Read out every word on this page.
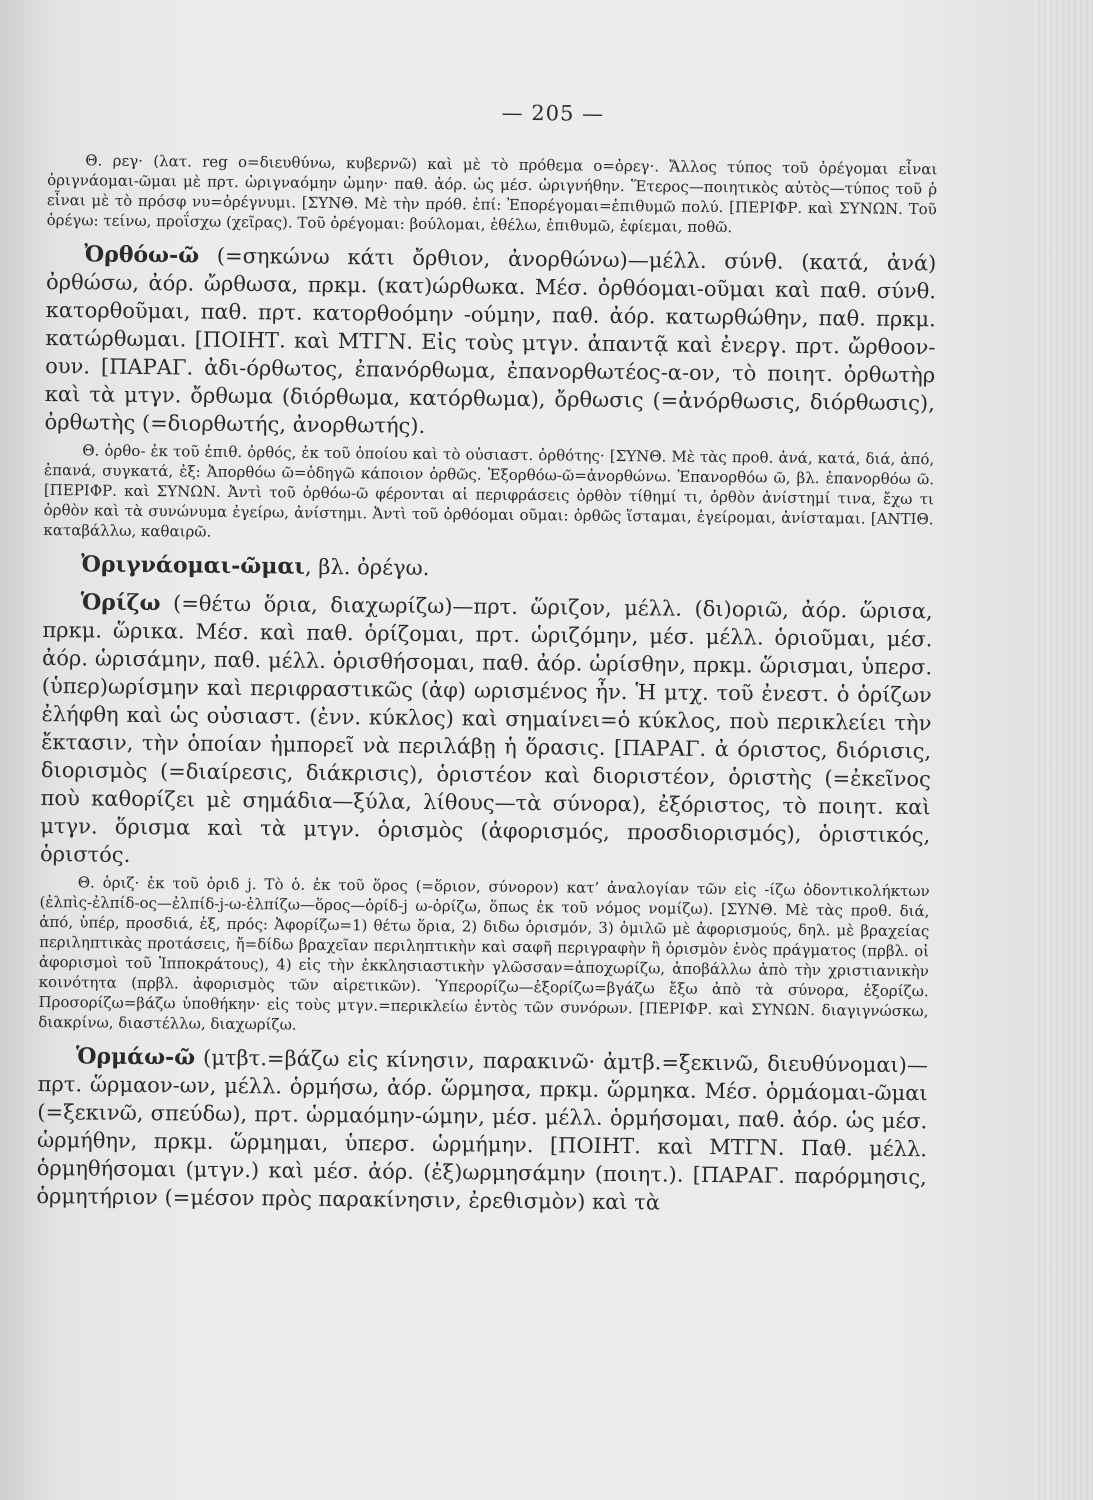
— 205 —
Θ. ρεγ· (λατ. reg o=διευθύνω, κυβερνῶ) καὶ μὲ τὸ πρόθεμα ο=ὀρεγ·. Ἄλλος τύπος τοῦ ὀρέγομαι εἶναι ὀριγνάομαι-ῶμαι μὲ πρτ. ὠριγναόμην ὠμην· παθ. ἀόρ. ὡς μέσ. ὠριγνήθην. Ἕτερος—ποιητικὸς αὐτὸς—τύπος τοῦ ῥ εἶναι μὲ τὸ πρόσφ νυ=ὀρέγνυμι. [ΣΥΝΘ. Μὲ τὴν πρόθ. ἐπί: Ἐπορέγομαι=ἐπιθυμῶ πολύ. [ΠΕΡΙΦΡ. καὶ ΣΥΝΩΝ. Τοῦ ὀρέγω: τείνω, προΐσχω (χεῖρας). Τοῦ ὀρέγομαι: βούλομαι, ἐθέλω, ἐπιθυμῶ, ἐφίεμαι, ποθῶ.
Ὀρθόω-ῶ (=σηκώνω κάτι ὄρθιον, ἀνορθώνω)—μέλλ. σύνθ. (κατά, ἀνά) ὀρθώσω, ἀόρ. ὤρθωσα, πρκμ. (κατ)ώρθωκα. Μέσ. ὀρθόομαι-οῦμαι καὶ παθ. σύνθ. κατορθοῦμαι, παθ. πρτ. κατορθοόμην -ούμην, παθ. ἀόρ. κατωρθώθην, παθ. πρκμ. κατώρθωμαι. [ΠΟΙΗΤ. καὶ ΜΤΓΝ. Εἰς τοὺς μτγν. ἀπαντᾷ καὶ ἐνεργ. πρτ. ὤρθοον-ουν. [ΠΑΡΑΓ. ἀδι-όρθωτος, ἐπανόρθωμα, ἐπανορθωτέος-α-ον, τὸ ποιητ. ὀρθωτὴρ καὶ τὰ μτγν. ὄρθωμα (διόρθωμα, κατόρθωμα), ὄρθωσις (=ἀνόρθωσις, διόρθωσις), ὀρθωτὴς (=διορθωτής, ἀνορθωτής).
Θ. ὀρθο- ἐκ τοῦ ἐπιθ. ὀρθός, ἐκ τοῦ ὁποίου καὶ τὸ οὐσιαστ. ὀρθότης· [ΣΥΝΘ. Μὲ τὰς προθ. ἀνά, κατά, διά, ἀπό, ἐπανά, συγκατά, ἐξ: Ἀπορθόω ῶ=ὁδηγῶ κάποιον ὀρθῶς. Ἐξορθόω-ῶ=ἀνορθώνω. Ἐπανορθόω ῶ, βλ. ἐπανορθόω ῶ. [ΠΕΡΙΦΡ. καὶ ΣΥΝΩΝ. Ἀντὶ τοῦ ὀρθόω-ῶ φέρονται αἱ περιφράσεις ὀρθὸν τίθημί τι, ὀρθὸν ἀνίστημί τινα, ἔχω τι ὀρθὸν καὶ τὰ συνώνυμα ἐγείρω, ἀνίστημι. Ἀντὶ τοῦ ὀρθόομαι οῦμαι: ὀρθῶς ἵσταμαι, ἐγείρομαι, ἀνίσταμαι. [ΑΝΤΙΘ. καταβάλλω, καθαιρῶ.
Ὀριγνάομαι-ῶμαι, βλ. ὀρέγω.
Ὁρίζω (=θέτω ὅρια, διαχωρίζω)—πρτ. ὥριζον, μέλλ. (δι)οριῶ, ἀόρ. ὥρισα, πρκμ. ὥρικα. Μέσ. καὶ παθ. ὁρίζομαι, πρτ. ὡριζόμην, μέσ. μέλλ. ὁριοῦμαι, μέσ. ἀόρ. ὡρισάμην, παθ. μέλλ. ὁρισθήσομαι, παθ. ἀόρ. ὡρίσθην, πρκμ. ὥρισμαι, ὑπερσ. (ὑπερ)ωρίσμην καὶ περιφραστικῶς (ἀφ) ωρισμένος ἦν. Ἡ μτχ. τοῦ ἐνεστ. ὁ ὁρίζων ἐλήφθη καὶ ὡς οὐσιαστ. (ἐνν. κύκλος) καὶ σημαίνει=ὁ κύκλος, ποὺ περικλείει τὴν ἔκτασιν, τὴν ὁποίαν ἠμπορεῖ νὰ περιλάβῃ ἡ ὅρασις. [ΠΑΡΑΓ. ἀ όριστος, διόρισις, διορισμὸς (=διαίρεσις, διάκρισις), ὁριστέον καὶ διοριστέον, ὁριστὴς (=ἐκεῖνος ποὺ καθορίζει μὲ σημάδια—ξύλα, λίθους—τὰ σύνορα), ἐξόριστος, τὸ ποιητ. καὶ μτγν. ὅρισμα καὶ τὰ μτγν. ὁρισμὸς (ἀφορισμός, προσδιορισμός), ὁριστικός, ὁριστός.
Θ. ὁριζ· ἐκ τοῦ ὁριδ j. Τὸ ὁ. ἐκ τοῦ ὅρος (=ὅριον, σύνορον) κατ’ ἀναλογίαν τῶν εἰς -ίζω ὀδοντικολήκτων (ἐλπὶς-ἐλπίδ-ος—ἐλπίδ-j-ω-ἐλπίζω—ὅρος—ὁρίδ-j ω-ὁρίζω, ὅπως ἐκ τοῦ νόμος νομίζω). [ΣΥΝΘ. Μὲ τὰς προθ. διά, ἀπό, ὑπέρ, προσδιά, ἐξ, πρός: Ἀφορίζω=1) θέτω ὅρια, 2) διδω ὁρισμόν, 3) ὁμιλῶ μὲ ἀφορισμούς, δηλ. μὲ βραχείας περιληπτικὰς προτάσεις, ἤ=δίδω βραχεῖαν περιληπτικὴν καὶ σαφῆ περιγραφὴν ἢ ὁρισμὸν ἑνὸς πράγματος (πρβλ. οἱ ἀφορισμοὶ τοῦ Ἱπποκράτους), 4) εἰς τὴν ἐκκλησιαστικὴν γλῶσσαν=ἀποχωρίζω, ἀποβάλλω ἀπὸ τὴν χριστιανικὴν κοινότητα (πρβλ. ἀφορισμὸς τῶν αἱρετικῶν). Ὑπερορίζω—ἐξορίζω=βγάζω ἔξω ἀπὸ τὰ σύνορα, ἐξορίζω. Προσορίζω=βάζω ὑποθήκην· εἰς τοὺς μτγν.=περικλείω ἐντὸς τῶν συνόρων. [ΠΕΡΙΦΡ. καὶ ΣΥΝΩΝ. διαγιγνώσκω, διακρίνω, διαστέλλω, διαχωρίζω.
Ὁρμάω-ῶ (μτβτ.=βάζω εἰς κίνησιν, παρακινῶ· ἀμτβ.=ξεκινῶ, διευθύνομαι)—πρτ. ὥρμαον-ων, μέλλ. ὁρμήσω, ἀόρ. ὥρμησα, πρκμ. ὥρμηκα. Μέσ. ὁρμάομαι-ῶμαι (=ξεκινῶ, σπεύδω), πρτ. ὡρμαόμην-ώμην, μέσ. μέλλ. ὁρμήσομαι, παθ. ἀόρ. ὡς μέσ. ὡρμήθην, πρκμ. ὥρμημαι, ὑπερσ. ὡρμήμην. [ΠΟΙΗΤ. καὶ ΜΤΓΝ. Παθ. μέλλ. ὁρμηθήσομαι (μτγν.) καὶ μέσ. ἀόρ. (ἐξ)ωρμησάμην (ποιητ.). [ΠΑΡΑΓ. παρόρμησις, ὁρμητήριον (=μέσον πρὸς παρακίνησιν, ἐρεθισμὸν) καὶ τὰ
